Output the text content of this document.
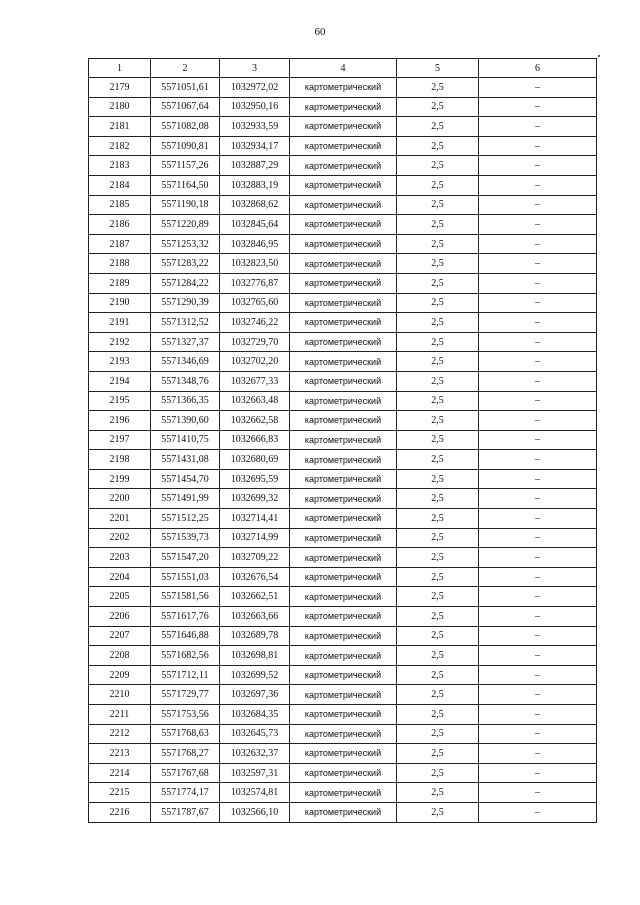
60
1	2	3	4	5	6
2179	5571051,61	1032972,02	картометрический	2,5	–
2180	5571067,64	1032950,16	картометрический	2,5	–
2181	5571082,08	1032933,59	картометрический	2,5	–
2182	5571090,81	1032934,17	картометрический	2,5	–
2183	5571157,26	1032887,29	картометрический	2,5	–
2184	5571164,50	1032883,19	картометрический	2,5	–
2185	5571190,18	1032868,62	картометрический	2,5	–
2186	5571220,89	1032845,64	картометрический	2,5	–
2187	5571253,32	1032846,95	картометрический	2,5	–
2188	5571283,22	1032823,50	картометрический	2,5	–
2189	5571284,22	1032776,87	картометрический	2,5	–
2190	5571290,39	1032765,60	картометрический	2,5	–
2191	5571312,52	1032746,22	картометрический	2,5	–
2192	5571327,37	1032729,70	картометрический	2,5	–
2193	5571346,69	1032702,20	картометрический	2,5	–
2194	5571348,76	1032677,33	картометрический	2,5	–
2195	5571366,35	1032663,48	картометрический	2,5	–
2196	5571390,60	1032662,58	картометрический	2,5	–
2197	5571410,75	1032666,83	картометрический	2,5	–
2198	5571431,08	1032680,69	картометрический	2,5	–
2199	5571454,70	1032695,59	картометрический	2,5	–
2200	5571491,99	1032699,32	картометрический	2,5	–
2201	5571512,25	1032714,41	картометрический	2,5	–
2202	5571539,73	1032714,99	картометрический	2,5	–
2203	5571547,20	1032709,22	картометрический	2,5	–
2204	5571551,03	1032676,54	картометрический	2,5	–
2205	5571581,56	1032662,51	картометрический	2,5	–
2206	5571617,76	1032663,66	картометрический	2,5	–
2207	5571646,88	1032689,78	картометрический	2,5	–
2208	5571682,56	1032698,81	картометрический	2,5	–
2209	5571712,11	1032699,52	картометрический	2,5	–
2210	5571729,77	1032697,36	картометрический	2,5	–
2211	5571753,56	1032684,35	картометрический	2,5	–
2212	5571768,63	1032645,73	картометрический	2,5	–
2213	5571768,27	1032632,37	картометрический	2,5	–
2214	5571767,68	1032597,31	картометрический	2,5	–
2215	5571774,17	1032574,81	картометрический	2,5	–
2216	5571787,67	1032566,10	картометрический	2,5	–
